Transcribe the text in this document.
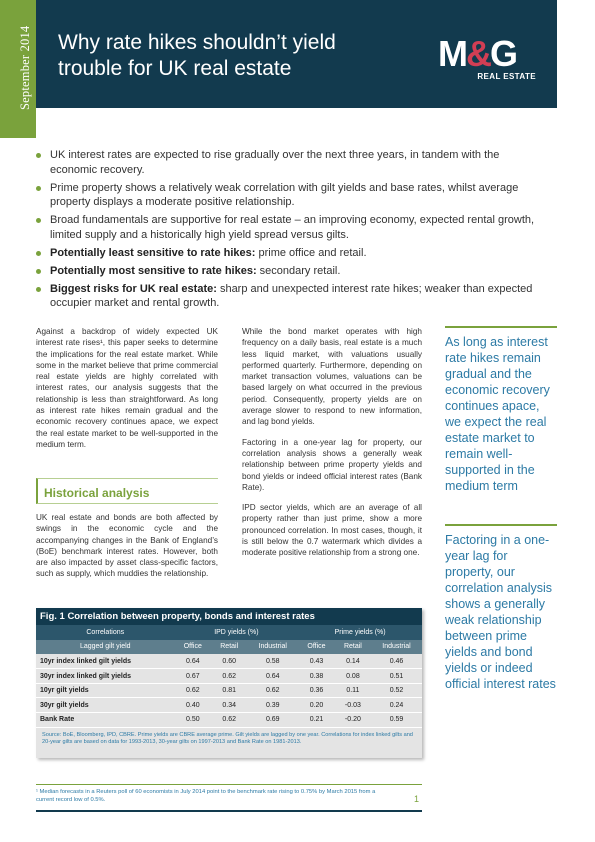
Why rate hikes shouldn’t yield trouble for UK real estate	M&G
REAL ESTATE
September 2014
UK interest rates are expected to rise gradually over the next three years, in tandem with the economic recovery.
Prime property shows a relatively weak correlation with gilt yields and base rates, whilst average property displays a moderate positive relationship.
Broad fundamentals are supportive for real estate – an improving economy, expected rental growth, limited supply and a historically high yield spread versus gilts.
Potentially least sensitive to rate hikes: prime office and retail.
Potentially most sensitive to rate hikes: secondary retail.
Biggest risks for UK real estate: sharp and unexpected interest rate hikes; weaker than expected occupier market and rental growth.

Against a backdrop of widely expected UK interest rate rises¹, this paper seeks to determine the implications for the real estate market. While some in the market believe that prime commercial real estate yields are highly correlated with interest rates, our analysis suggests that the relationship is less than straightforward. As long as interest rate hikes remain gradual and the economic recovery continues apace, we expect the real estate market to be well-supported in the medium term.

Historical analysis

UK real estate and bonds are both affected by swings in the economic cycle and the accompanying changes in the Bank of England’s (BoE) benchmark interest rates. However, both are also impacted by asset class-specific factors, such as supply, which muddies the relationship.

While the bond market operates with high frequency on a daily basis, real estate is a much less liquid market, with valuations usually performed quarterly. Furthermore, depending on market transaction volumes, valuations can be based largely on what occurred in the previous period. Consequently, property yields are on average slower to respond to new information, and lag bond yields.

Factoring in a one-year lag for property, our correlation analysis shows a generally weak relationship between prime property yields and bond yields or indeed official interest rates (Bank Rate).

IPD sector yields, which are an average of all property rather than just prime, show a more pronounced correlation. In most cases, though, it is still below the 0.7 watermark which divides a moderate positive relationship from a strong one.

As long as interest rate hikes remain gradual and the economic recovery continues apace, we expect the real estate market to remain well-supported in the medium term
Factoring in a one-year lag for property, our correlation analysis shows a generally weak relationship between prime yields and bond yields or indeed official interest rates
Fig. 1 Correlation between property, bonds and interest rates
Correlations	IPD yields (%)			Prime yields (%)		
Lagged gilt yield	Office	Retail	Industrial	Office	Retail	Industrial
10yr index linked gilt yields	0.64	0.60	0.58	0.43	0.14	0.46
30yr index linked gilt yields	0.67	0.62	0.64	0.38	0.08	0.51
10yr gilt yields	0.62	0.81	0.62	0.36	0.11	0.52
30yr gilt yields	0.40	0.34	0.39	0.20	-0.03	0.24
Bank Rate	0.50	0.62	0.69	0.21	-0.20	0.59
Source: BoE, Bloomberg, IPD, CBRE. Prime yields are CBRE average prime. Gilt yields are lagged by one year. Correlations for index linked gilts and 20-year gilts are based on data for 1993-2013, 30-year gilts on 1997-2013 and Bank Rate on 1981-2013.
¹ Median forecasts in a Reuters poll of 60 economists in July 2014 point to the benchmark rate rising to 0.75% by March 2015 from a current record low of 0.5%.	1
